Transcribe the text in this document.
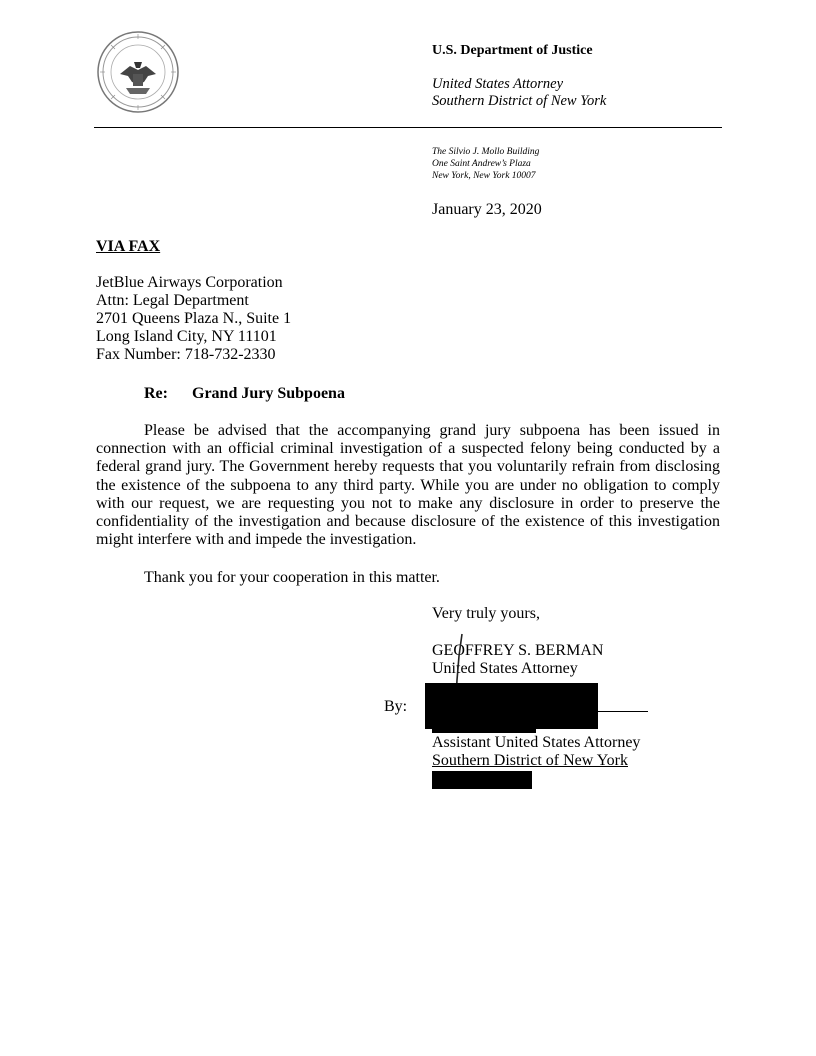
U.S. Department of Justice
United States Attorney
Southern District of New York
The Silvio J. Mollo Building
One Saint Andrew’s Plaza
New York, New York 10007
January 23, 2020
VIA FAX
JetBlue Airways Corporation
Attn: Legal Department
2701 Queens Plaza N., Suite 1
Long Island City, NY 11101
Fax Number: 718-732-2330
Re: Grand Jury Subpoena
Please be advised that the accompanying grand jury subpoena has been issued in connection with an official criminal investigation of a suspected felony being conducted by a federal grand jury. The Government hereby requests that you voluntarily refrain from disclosing the existence of the subpoena to any third party. While you are under no obligation to comply with our request, we are requesting you not to make any disclosure in order to preserve the confidentiality of the investigation and because disclosure of the existence of this investigation might interfere with and impede the investigation.
Thank you for your cooperation in this matter.
Very truly yours,
GEOFFREY S. BERMAN
United States Attorney
By:
Assistant United States Attorney
Southern District of New York
